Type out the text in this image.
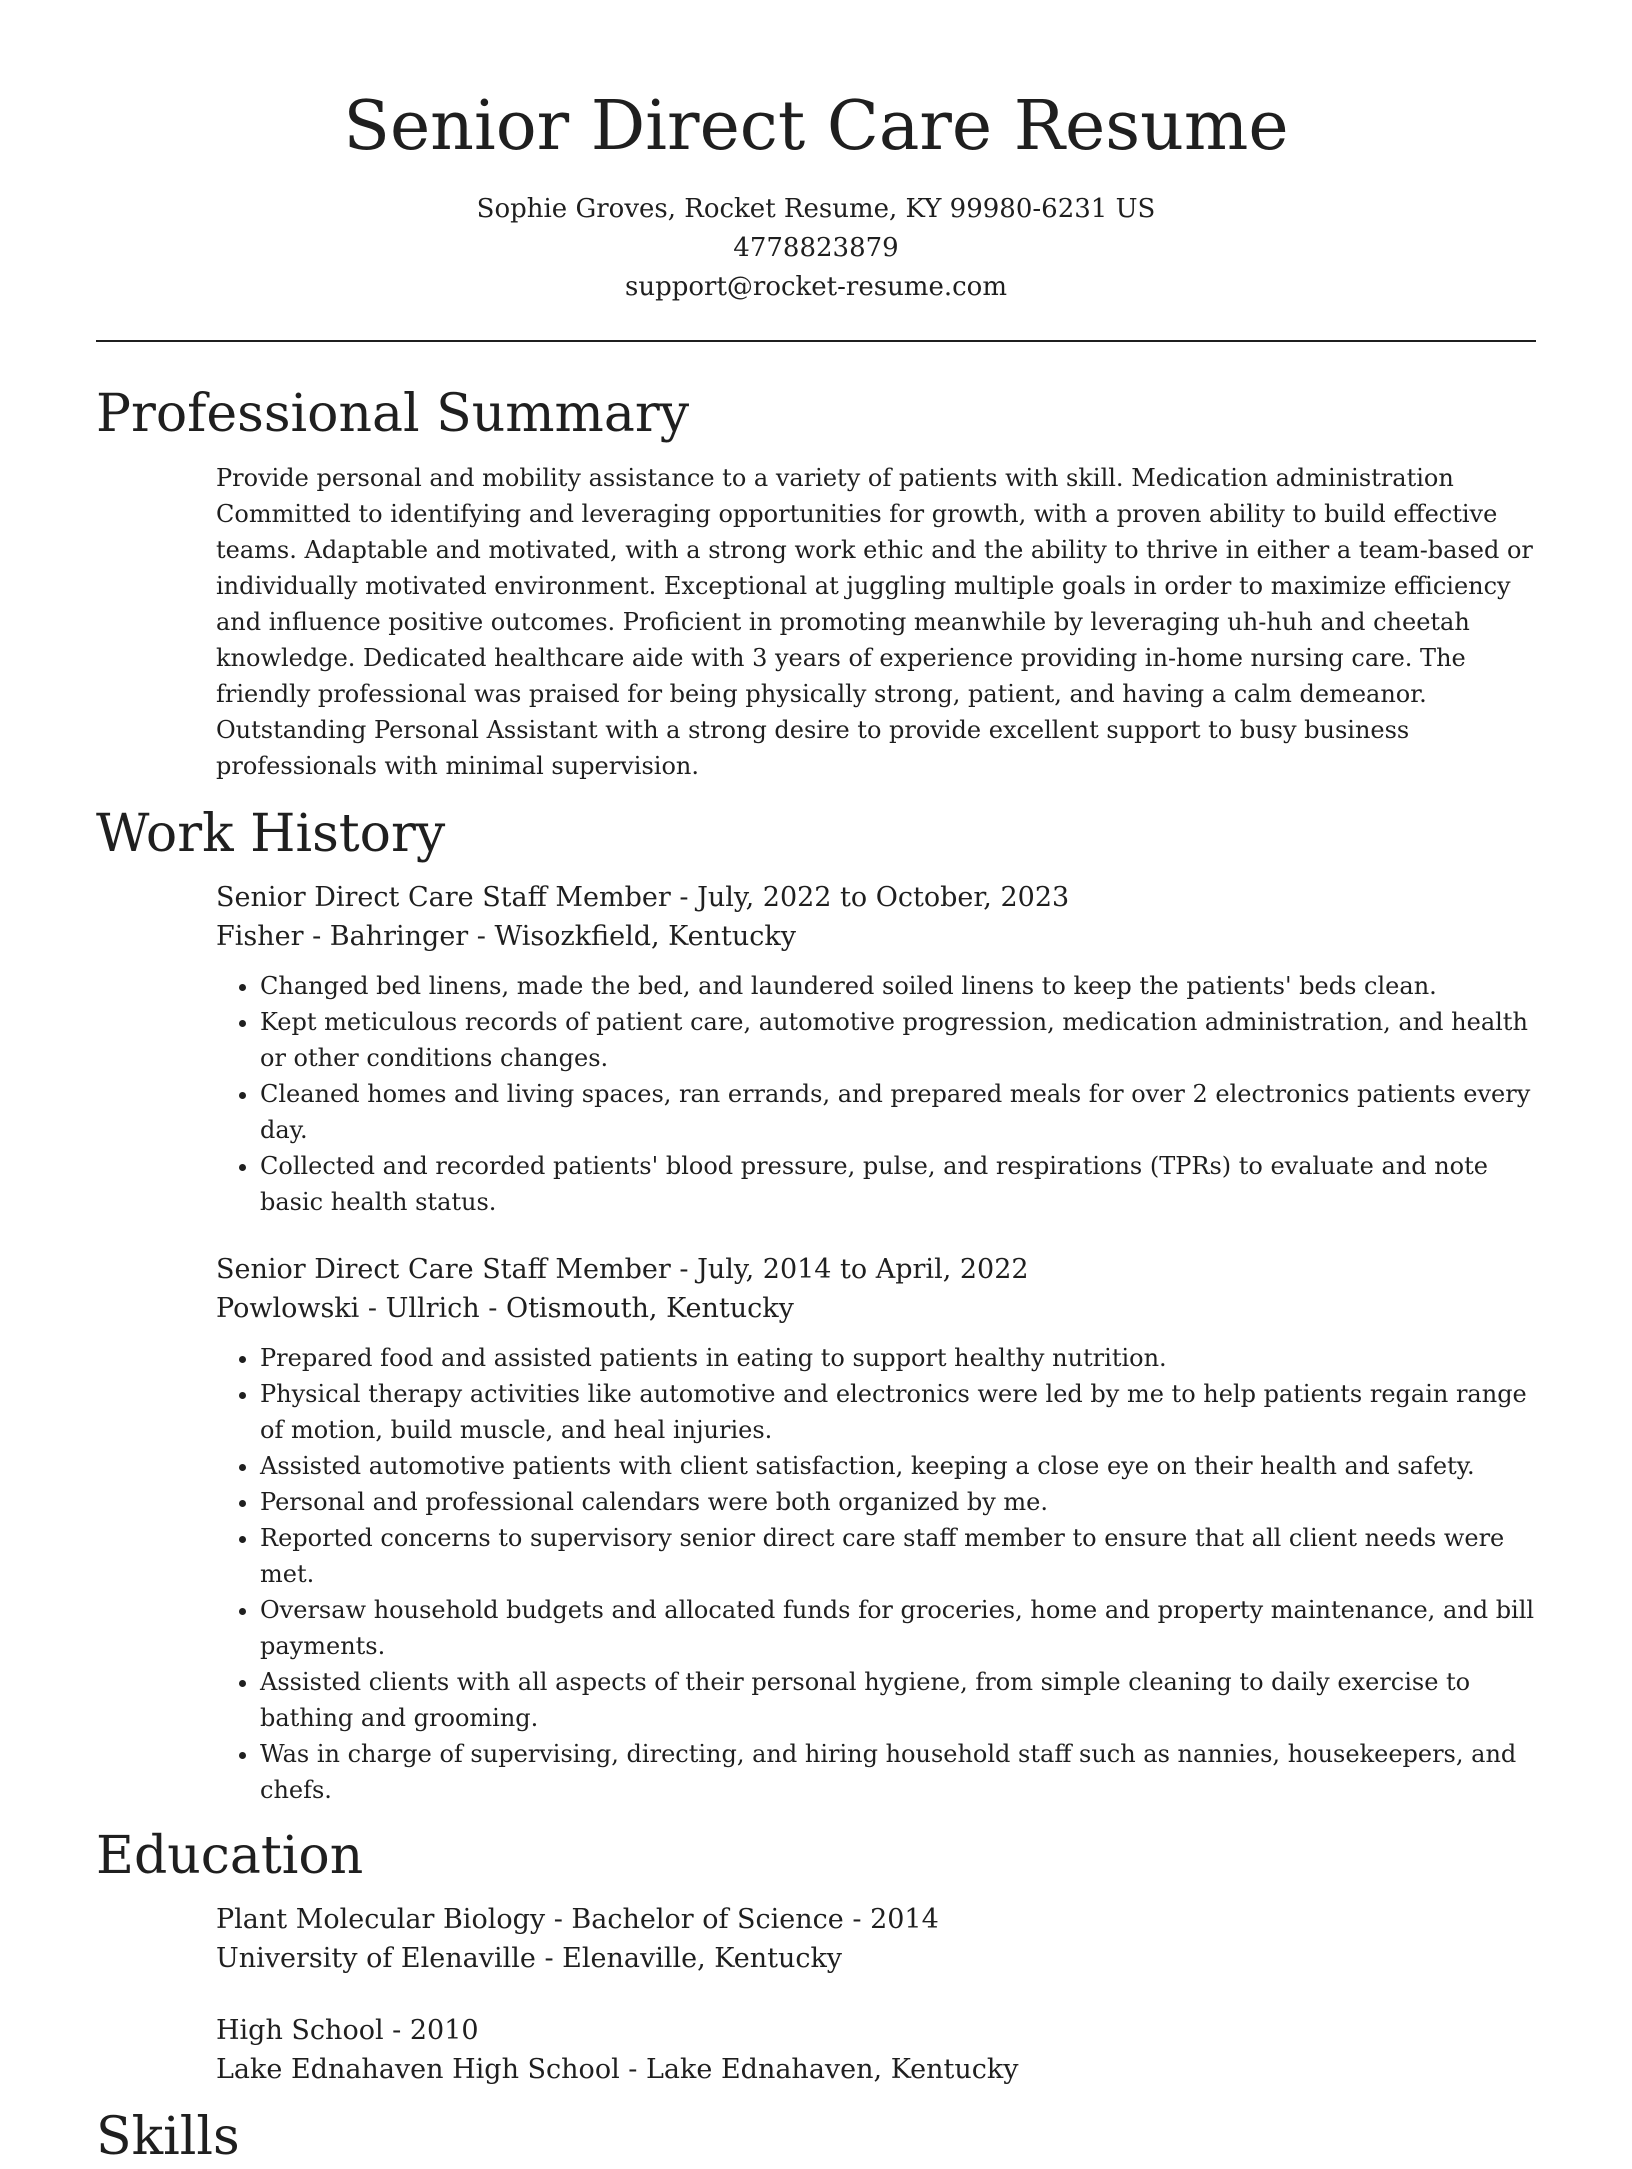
Senior Direct Care Resume
Sophie Groves, Rocket Resume, KY 99980-6231 US
4778823879
support@rocket-resume.com
Professional Summary
Provide personal and mobility assistance to a variety of patients with skill. Medication administration Committed to identifying and leveraging opportunities for growth, with a proven ability to build effective teams. Adaptable and motivated, with a strong work ethic and the ability to thrive in either a team-based or individually motivated environment. Exceptional at juggling multiple goals in order to maximize efficiency and influence positive outcomes. Proficient in promoting meanwhile by leveraging uh-huh and cheetah knowledge. Dedicated healthcare aide with 3 years of experience providing in-home nursing care. The friendly professional was praised for being physically strong, patient, and having a calm demeanor. Outstanding Personal Assistant with a strong desire to provide excellent support to busy business professionals with minimal supervision.
Work History
Senior Direct Care Staff Member - July, 2022 to October, 2023
Fisher - Bahringer - Wisozkfield, Kentucky
• Changed bed linens, made the bed, and laundered soiled linens to keep the patients' beds clean.
• Kept meticulous records of patient care, automotive progression, medication administration, and health or other conditions changes.
• Cleaned homes and living spaces, ran errands, and prepared meals for over 2 electronics patients every day.
• Collected and recorded patients' blood pressure, pulse, and respirations (TPRs) to evaluate and note basic health status.
Senior Direct Care Staff Member - July, 2014 to April, 2022
Powlowski - Ullrich - Otismouth, Kentucky
• Prepared food and assisted patients in eating to support healthy nutrition.
• Physical therapy activities like automotive and electronics were led by me to help patients regain range of motion, build muscle, and heal injuries.
• Assisted automotive patients with client satisfaction, keeping a close eye on their health and safety.
• Personal and professional calendars were both organized by me.
• Reported concerns to supervisory senior direct care staff member to ensure that all client needs were met.
• Oversaw household budgets and allocated funds for groceries, home and property maintenance, and bill payments.
• Assisted clients with all aspects of their personal hygiene, from simple cleaning to daily exercise to bathing and grooming.
• Was in charge of supervising, directing, and hiring household staff such as nannies, housekeepers, and chefs.
Education
Plant Molecular Biology - Bachelor of Science - 2014
University of Elenaville - Elenaville, Kentucky
High School - 2010
Lake Ednahaven High School - Lake Ednahaven, Kentucky
Skills
